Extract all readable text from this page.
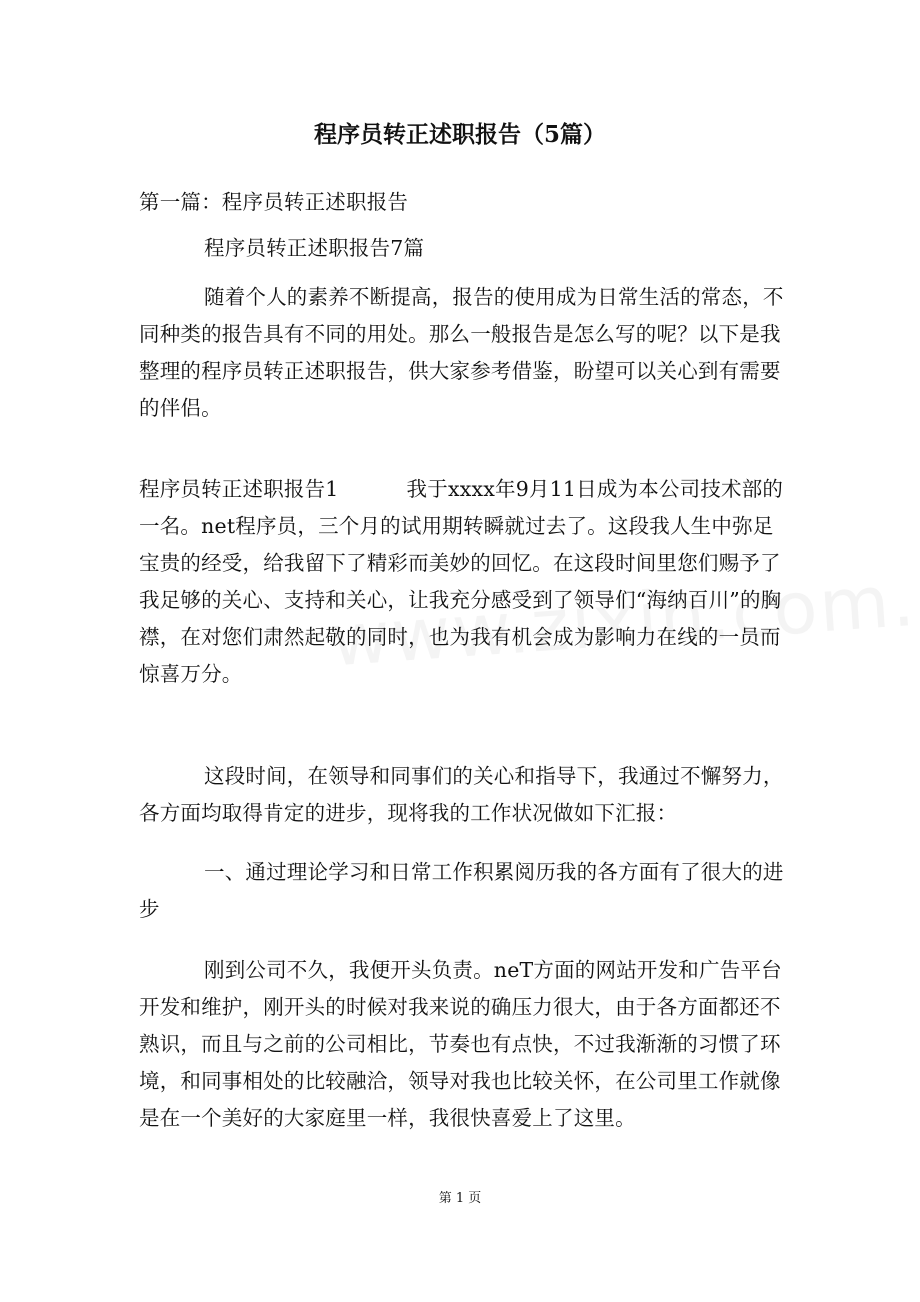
程序员转正述职报告（5篇）

第一篇：程序员转正述职报告

程序员转正述职报告7篇

随着个人的素养不断提高，报告的使用成为日常生活的常态，不同种类的报告具有不同的用处。那么一般报告是怎么写的呢？以下是我整理的程序员转正述职报告，供大家参考借鉴，盼望可以关心到有需要的伴侣。

程序员转正述职报告1	我于xxxx年9月11日成为本公司技术部的一名。net程序员，三个月的试用期转瞬就过去了。这段我人生中弥足宝贵的经受，给我留下了精彩而美妙的回忆。在这段时间里您们赐予了我足够的关心、支持和关心，让我充分感受到了领导们“海纳百川”的胸襟，在对您们肃然起敬的同时，也为我有机会成为影响力在线的一员而惊喜万分。

这段时间，在领导和同事们的关心和指导下，我通过不懈努力，各方面均取得肯定的进步，现将我的工作状况做如下汇报：

一、通过理论学习和日常工作积累阅历我的各方面有了很大的进步

刚到公司不久，我便开头负责。neT方面的网站开发和广告平台开发和维护，刚开头的时候对我来说的确压力很大，由于各方面都还不熟识，而且与之前的公司相比，节奏也有点快，不过我渐渐的习惯了环境，和同事相处的比较融洽，领导对我也比较关怀，在公司里工作就像是在一个美好的大家庭里一样，我很快喜爱上了这里。

第 1 页
